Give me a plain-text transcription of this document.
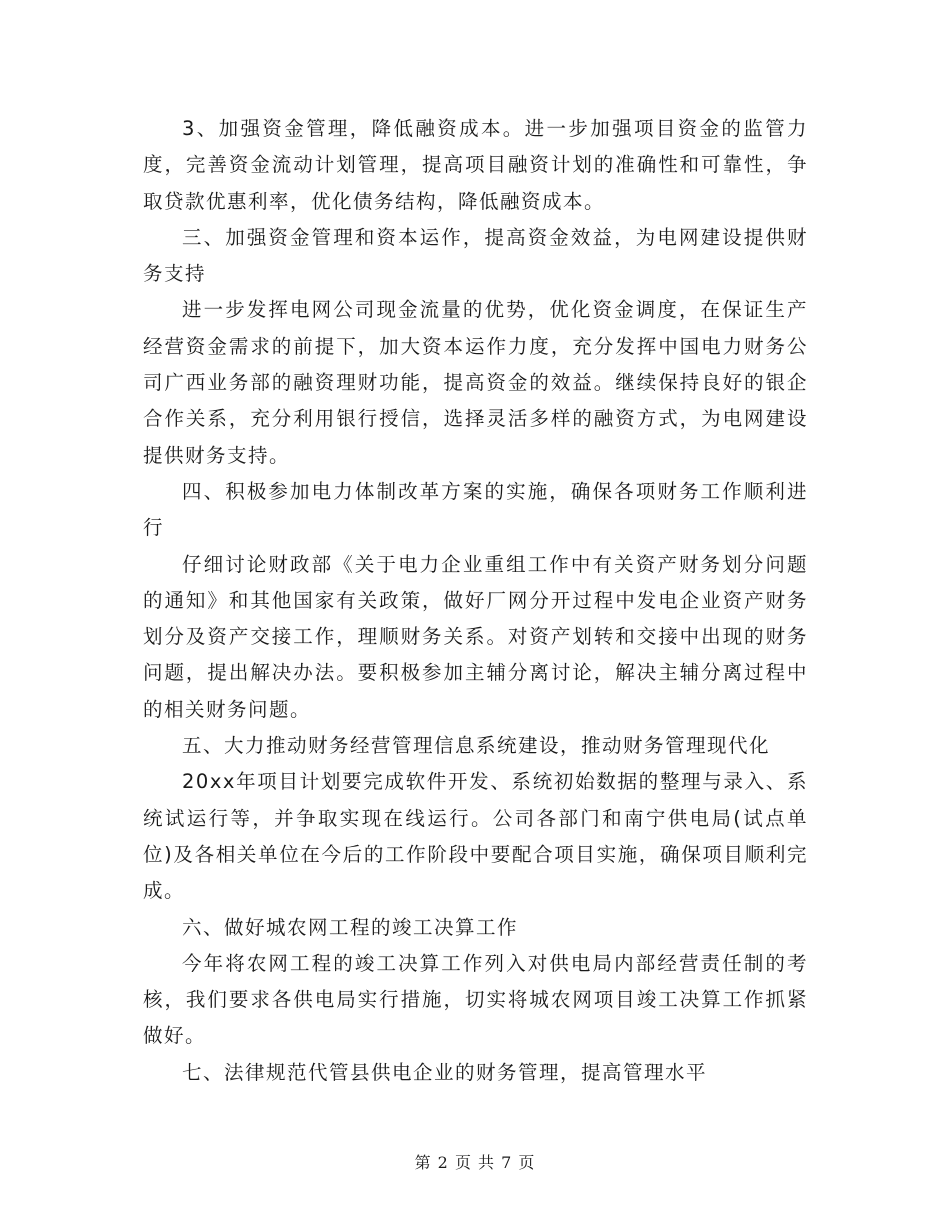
3、加强资金管理，降低融资成本。进一步加强项目资金的监管力度，完善资金流动计划管理，提高项目融资计划的准确性和可靠性，争取贷款优惠利率，优化债务结构，降低融资成本。

三、加强资金管理和资本运作，提高资金效益，为电网建设提供财务支持

进一步发挥电网公司现金流量的优势，优化资金调度，在保证生产经营资金需求的前提下，加大资本运作力度，充分发挥中国电力财务公司广西业务部的融资理财功能，提高资金的效益。继续保持良好的银企合作关系，充分利用银行授信，选择灵活多样的融资方式，为电网建设提供财务支持。

四、积极参加电力体制改革方案的实施，确保各项财务工作顺利进行

仔细讨论财政部《关于电力企业重组工作中有关资产财务划分问题的通知》和其他国家有关政策，做好厂网分开过程中发电企业资产财务划分及资产交接工作，理顺财务关系。对资产划转和交接中出现的财务问题，提出解决办法。要积极参加主辅分离讨论，解决主辅分离过程中的相关财务问题。

五、大力推动财务经营管理信息系统建设，推动财务管理现代化

20xx年项目计划要完成软件开发、系统初始数据的整理与录入、系统试运行等，并争取实现在线运行。公司各部门和南宁供电局(试点单位)及各相关单位在今后的工作阶段中要配合项目实施，确保项目顺利完成。

六、做好城农网工程的竣工决算工作

今年将农网工程的竣工决算工作列入对供电局内部经营责任制的考核，我们要求各供电局实行措施，切实将城农网项目竣工决算工作抓紧做好。

七、法律规范代管县供电企业的财务管理，提高管理水平

第 2 页 共 7 页
